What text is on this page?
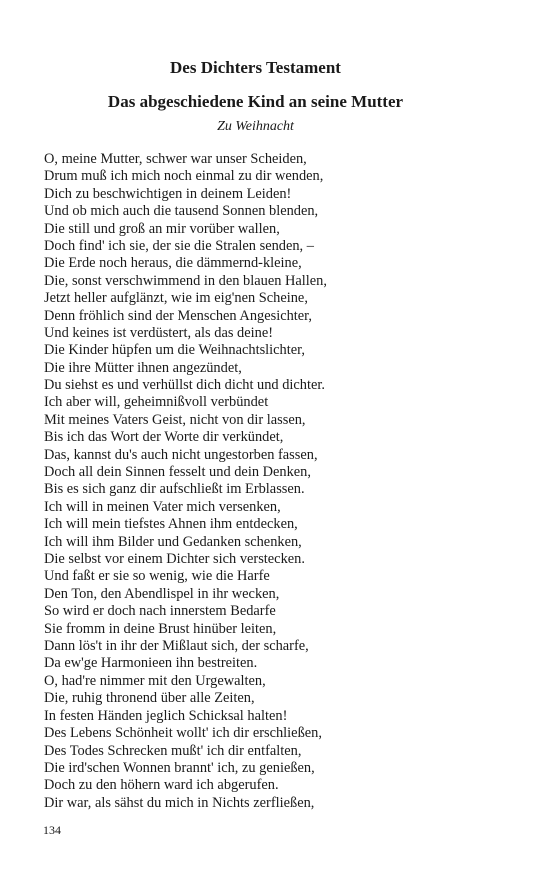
Des Dichters Testament
Das abgeschiedene Kind an seine Mutter

Zu Weihnacht

O, meine Mutter, schwer war unser Scheiden,
Drum muß ich mich noch einmal zu dir wenden,
Dich zu beschwichtigen in deinem Leiden!
Und ob mich auch die tausend Sonnen blenden,
Die still und groß an mir vorüber wallen,
Doch find' ich sie, der sie die Stralen senden, –
Die Erde noch heraus, die dämmernd-kleine,
Die, sonst verschwimmend in den blauen Hallen,
Jetzt heller aufglänzt, wie im eig'nen Scheine,
Denn fröhlich sind der Menschen Angesichter,
Und keines ist verdüstert, als das deine!
Die Kinder hüpfen um die Weihnachtslichter,
Die ihre Mütter ihnen angezündet,
Du siehst es und verhüllst dich dicht und dichter.
Ich aber will, geheimnißvoll verbündet
Mit meines Vaters Geist, nicht von dir lassen,
Bis ich das Wort der Worte dir verkündet,
Das, kannst du's auch nicht ungestorben fassen,
Doch all dein Sinnen fesselt und dein Denken,
Bis es sich ganz dir aufschließt im Erblassen.
Ich will in meinen Vater mich versenken,
Ich will mein tiefstes Ahnen ihm entdecken,
Ich will ihm Bilder und Gedanken schenken,
Die selbst vor einem Dichter sich verstecken.
Und faßt er sie so wenig, wie die Harfe
Den Ton, den Abendlispel in ihr wecken,
So wird er doch nach innerstem Bedarfe
Sie fromm in deine Brust hinüber leiten,
Dann lös't in ihr der Mißlaut sich, der scharfe,
Da ew'ge Harmonieen ihn bestreiten.
O, had're nimmer mit den Urgewalten,
Die, ruhig thronend über alle Zeiten,
In festen Händen jeglich Schicksal halten!
Des Lebens Schönheit wollt' ich dir erschließen,
Des Todes Schrecken mußt' ich dir entfalten,
Die ird'schen Wonnen brannt' ich, zu genießen,
Doch zu den höhern ward ich abgerufen.
Dir war, als sähst du mich in Nichts zerfließen,
134
